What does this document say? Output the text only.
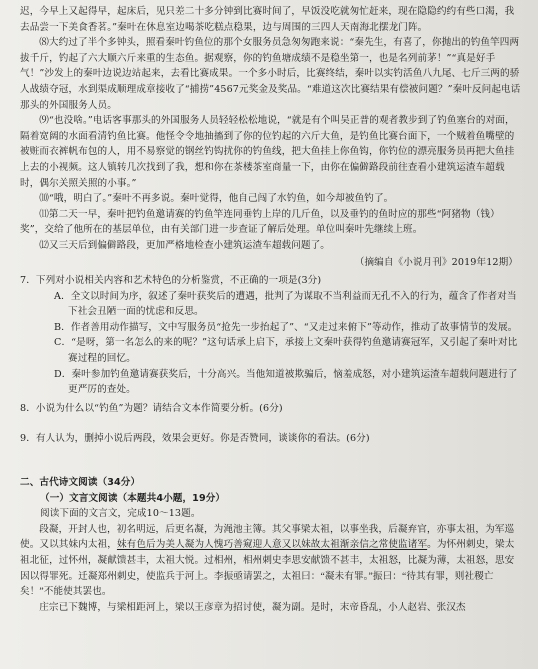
迟，今早上又起得早，起床后，见只差二十多分钟到比赛时间了，早饭没吃就匆忙赶来，现在隐隐约约有些口渴，我去品尝一下美食香茗。”秦叶在休息室边喝茶吃糕点稳果，边与周围的三四人天南海北摆龙门阵。

⑻大约过了半个多钟头，照看秦叶钓鱼位的那个女服务员急匆匆跑来说：“秦先生，有喜了，你抛出的钓鱼竿四两拔千斤，钓起了六大顺六斤来重的生态鱼。据观察，你的钓鱼塘成绩不是稳坐第一，也是名列前茅！”“真是好手气！”沙发上的秦叶边说边站起来，去看比赛成果。一个多小时后，比赛终结，秦叶以实钓活鱼八九尾、七斤三两的骄人战绩夺冠，水到渠成顺理成章接收了“捕捞”4567元奖金及奖品。“难道这次比赛结果有偿被问题？”秦叶反问起电话那头的外国服务人员。

⑼“也没啥。”电话客事那头的外国服务人员轻轻松松地说，“就是有个叫吴正普的观者教步到了钓鱼塞台的对面，隔着宽阔的水面看清钓鱼比赛。他怪令令地抽搐到了你的位钓起的六斤大鱼，是钓鱼比赛台面下，一个贼着鱼嘴壁的被赃而衣裤帆布包的人，用不易察觉的钢丝钓钩扰你的钓鱼线，把大鱼挂上你鱼钩，你钓位的漂亮服务员再把大鱼挂上去的小视频。这人镇转几次找到了我，想和你在茶楼茶室商量一下，由你在偏僻路段前往查看小建筑运渣车超载时，偶尔关照关照的小事。”

⑽“哦，明白了。”秦叶不再多说。秦叶觉得，他自己闯了水钓鱼，如今却被鱼钓了。

⑾第二天一早，秦叶把钓鱼邀请赛的钓鱼竿连同垂钓上岸的几斤鱼，以及垂钓的鱼时应的那些“阿猪物（钱）奖”，交给了他所在的基层单位，由有关部门进一步查证了解后处理。单位叫秦叶先继续上班。

⑿又三天后到偏僻路段，更加严格地检查小建筑运渣车超载问题了。

（摘编自《小说月刊》2019年12期）

7．下列对小说相关内容和艺术特色的分析鉴赏，不正确的一项是(3分)

A．全文以时间为序，叙述了秦叶获奖后的遭遇，批判了为谋取不当利益而无孔不入的行为，蕴含了作者对当下社会丑陋一面的忧虑和反思。

B．作者善用动作描写，文中写服务员“抢先一步抬起了”、“又走过来俯下”等动作，推动了故事情节的发展。

C．“是呀，第一名怎么的来的呢？”这句话承上启下，承接上文秦叶获得钓鱼邀请赛冠军，又引起了秦叶对比赛过程的回忆。

D．秦叶参加钓鱼邀请赛获奖后，十分高兴。当他知道被欺骗后，恼羞成怒，对小建筑运渣车超载问题进行了更严厉的查处。

8．小说为什么以“钓鱼”为题？请结合文本作简要分析。(6分)

9．有人认为，删掉小说后两段，效果会更好。你是否赞同，谈谈你的看法。(6分)

二、古代诗文阅读（34分）

（一）文言文阅读（本题共4小题，19分）

阅读下面的文言文，完成10～13题。

段凝，开封人也，初名明远，后更名凝，为渑池主簿。其父事梁太祖，以事坐我，后凝弃官，亦事太祖，为军巡使。又以其妹内太祖，妹有色后为美人凝为人愧巧善窥迎人意又以妹故太祖渐亲信之常使监诸军。为怀州刺史，梁太祖北征，过怀州，凝献馈甚丰，太祖大悦。过相州，相州刺史李思安献馈不甚丰，太祖怒，比凝为薄，太祖怒，思安因以得罪死。迁凝郑州刺史，使监兵于河上。李振亟请罢之，太祖曰：“凝未有罪。”振曰：“待其有罪，则社稷亡矣！”不能使其罢也。

庄宗已下魏博，与梁相距河上，梁以王彦章为招讨使，凝为副。是时，末帝昏乱，小人赵岩、张汉杰
